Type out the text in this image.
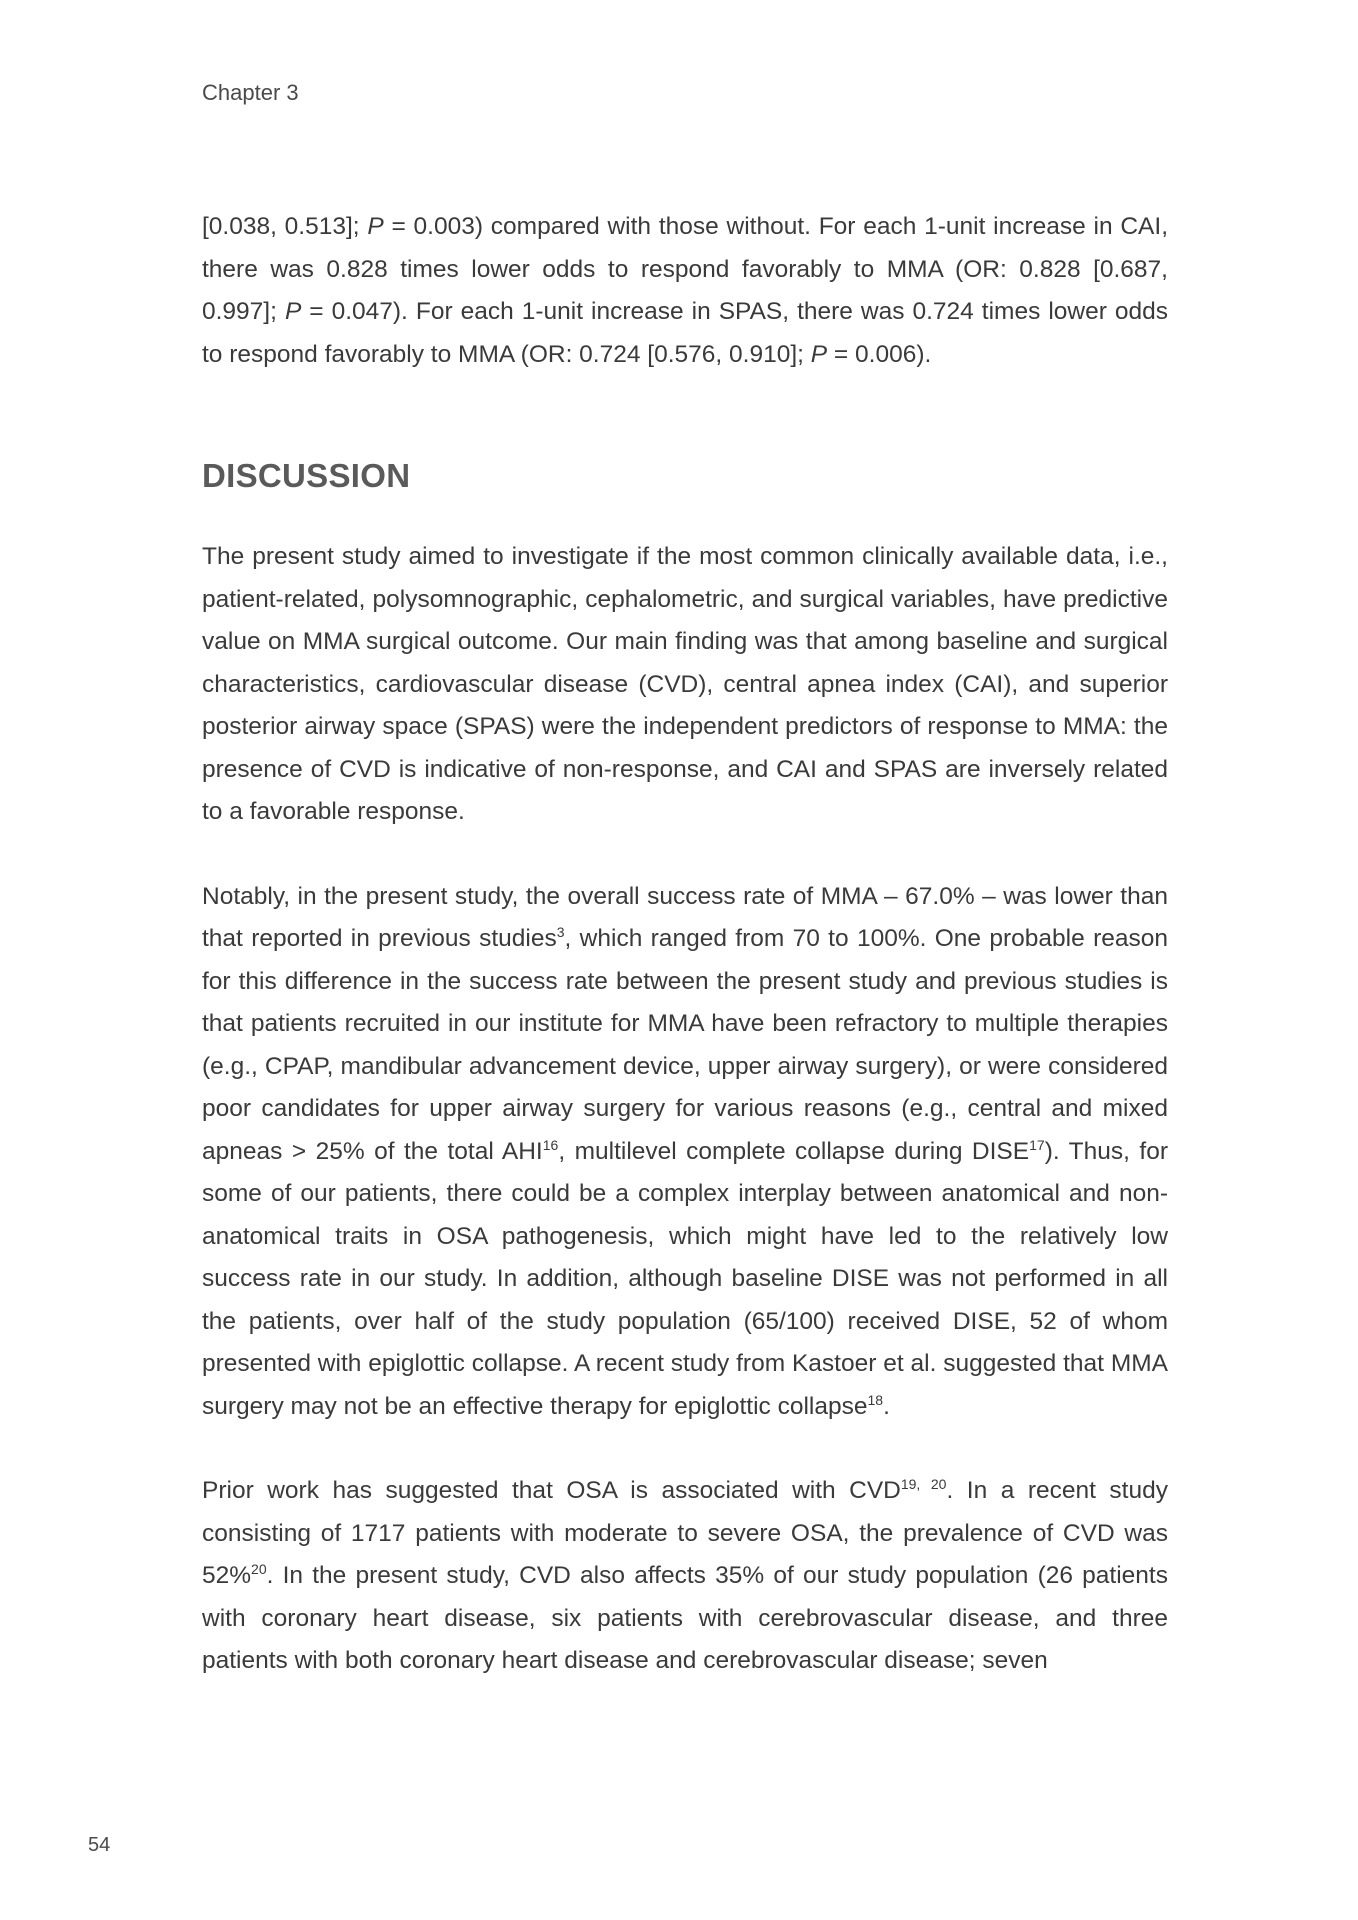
Chapter 3

[0.038, 0.513]; P = 0.003) compared with those without. For each 1-unit increase in CAI, there was 0.828 times lower odds to respond favorably to MMA (OR: 0.828 [0.687, 0.997]; P = 0.047). For each 1-unit increase in SPAS, there was 0.724 times lower odds to respond favorably to MMA (OR: 0.724 [0.576, 0.910]; P = 0.006).

DISCUSSION

The present study aimed to investigate if the most common clinically available data, i.e., patient-related, polysomnographic, cephalometric, and surgical variables, have predictive value on MMA surgical outcome. Our main finding was that among baseline and surgical characteristics, cardiovascular disease (CVD), central apnea index (CAI), and superior posterior airway space (SPAS) were the independent predictors of response to MMA: the presence of CVD is indicative of non-response, and CAI and SPAS are inversely related to a favorable response.

Notably, in the present study, the overall success rate of MMA – 67.0% – was lower than that reported in previous studies$^3$, which ranged from 70 to 100%. One probable reason for this difference in the success rate between the present study and previous studies is that patients recruited in our institute for MMA have been refractory to multiple therapies (e.g., CPAP, mandibular advancement device, upper airway surgery), or were considered poor candidates for upper airway surgery for various reasons (e.g., central and mixed apneas > 25% of the total AHI$^{16}$, multilevel complete collapse during DISE$^{17}$). Thus, for some of our patients, there could be a complex interplay between anatomical and non-anatomical traits in OSA pathogenesis, which might have led to the relatively low success rate in our study. In addition, although baseline DISE was not performed in all the patients, over half of the study population (65/100) received DISE, 52 of whom presented with epiglottic collapse. A recent study from Kastoer et al. suggested that MMA surgery may not be an effective therapy for epiglottic collapse$^{18}$.

Prior work has suggested that OSA is associated with CVD$^{19, 20}$. In a recent study consisting of 1717 patients with moderate to severe OSA, the prevalence of CVD was 52%$^{20}$. In the present study, CVD also affects 35% of our study population (26 patients with coronary heart disease, six patients with cerebrovascular disease, and three patients with both coronary heart disease and cerebrovascular disease; seven

54
